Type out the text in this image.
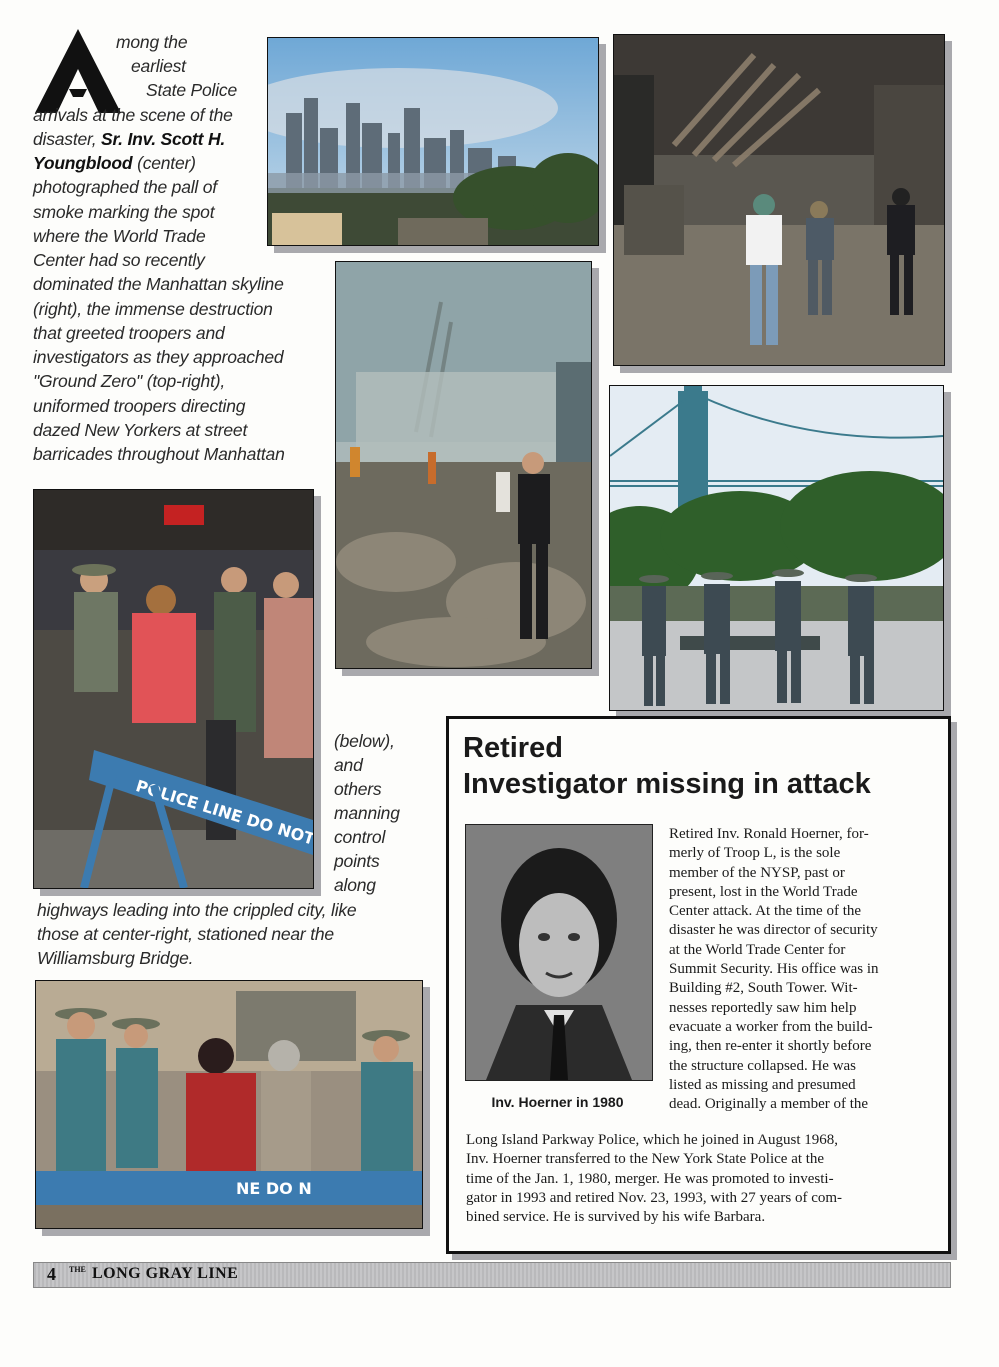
mong the
earliest
State Police
arrivals at the scene of the
disaster, Sr. Inv. Scott H.
Youngblood (center)
photographed the pall of
smoke marking the spot
where the World Trade
Center had so recently
dominated the Manhattan skyline
(right), the immense destruction
that greeted troopers and
investigators as they approached
"Ground Zero" (top-right),
uniformed troopers directing
dazed New Yorkers at street
barricades throughout Manhattan
(below),
and
others
manning
control
points
along
highways leading into the crippled city, like
those at center-right, stationed near the
Williamsburg Bridge.
NE DO N
Retired
Investigator missing in attack
Inv. Hoerner in 1980
Retired Inv. Ronald Hoerner, for-
merly of Troop L, is the sole
member of the NYSP, past or
present, lost in the World Trade
Center attack. At the time of the
disaster he was director of security
at the World Trade Center for
Summit Security. His office was in
Building #2, South Tower. Wit-
nesses reportedly saw him help
evacuate a worker from the build-
ing, then re-enter it shortly before
the structure collapsed. He was
listed as missing and presumed
dead. Originally a member of the
Long Island Parkway Police, which he joined in August 1968,
Inv. Hoerner transferred to the New York State Police at the
time of the Jan. 1, 1980, merger. He was promoted to investi-
gator in 1993 and retired Nov. 23, 1993, with 27 years of com-
bined service. He is survived by his wife Barbara.
4 THE LONG GRAY LINE
